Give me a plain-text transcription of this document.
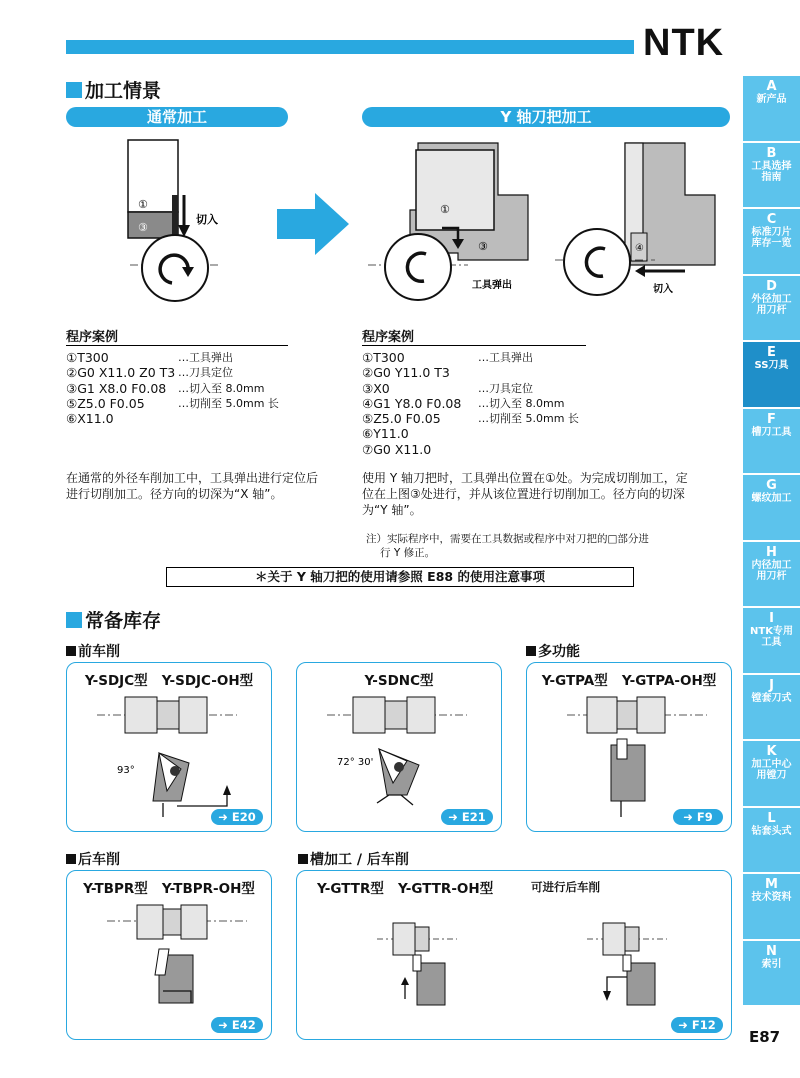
NTK
加工情景
通常加工	Y 轴刀把加工
①
③
切入
①
③
工具弹出
④
切入
程序案例
①T300	…工具弹出
②G0 X11.0 Z0 T3 …刀具定位
③G1 X8.0 F0.08	…切入至 8.0mm
⑤Z5.0 F0.05	…切削至 5.0mm 长
⑥X11.0
程序案例
①T300	…工具弹出
②G0 Y11.0 T3
③X0	…刀具定位
④G1 Y8.0 F0.08	…切入至 8.0mm
⑤Z5.0 F0.05	…切削至 5.0mm 长
⑥Y11.0
⑦G0 X11.0
在通常的外径车削加工中，工具弹出进行定位后
进行切削加工。径方向的切深为“X 轴”。
使用 Y 轴刀把时，工具弹出位置在①处。为完成切削加工，定
位在上图③处进行，并从该位置进行切削加工。径方向的切深
为“Y 轴”。
注）实际程序中，需要在工具数据或程序中对刀把的□部分进
行 Y 修正。
＊关于 Y 轴刀把的使用请参照 E88 的使用注意事项
常备库存
前车削	多功能
后车削	槽加工 / 后车削
Y-SDJC型   Y-SDJC-OH型
93°
➜ E20
Y-SDNC型
72° 30'
➜ E21
Y-GTPA型   Y-GTPA-OH型
➜ F9
Y-TBPR型   Y-TBPR-OH型
➜ E42
Y-GTTR型   Y-GTTR-OH型	可进行后车削
➜ F12
A
新产品
B
工具选择指南
C
标准刀片库存一览
D
外径加工用刀杆
E
SS刀具
F
槽刀工具
G
螺纹加工
H
内径加工用刀杆
I
NTK专用工具
J
镗套刀式
K
加工中心用镗刀
L
钻套头式
M
技术资料
N
索引
E87
